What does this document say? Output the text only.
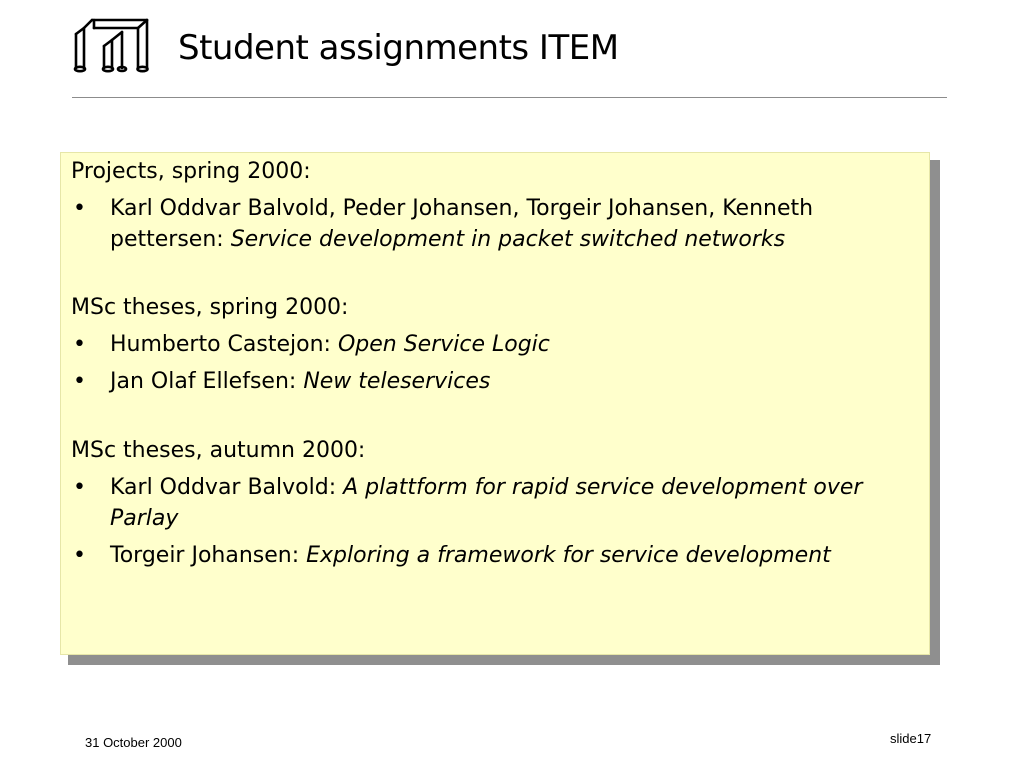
Student assignments ITEM
Projects, spring 2000:
• Karl Oddvar Balvold, Peder Johansen, Torgeir Johansen, Kenneth pettersen: Service development in packet switched networks
MSc theses, spring 2000:
• Humberto Castejon: Open Service Logic
• Jan Olaf Ellefsen: New teleservices
MSc theses, autumn 2000:
• Karl Oddvar Balvold: A plattform for rapid service development over Parlay
• Torgeir Johansen: Exploring a framework for service development
31 October 2000	slide17
